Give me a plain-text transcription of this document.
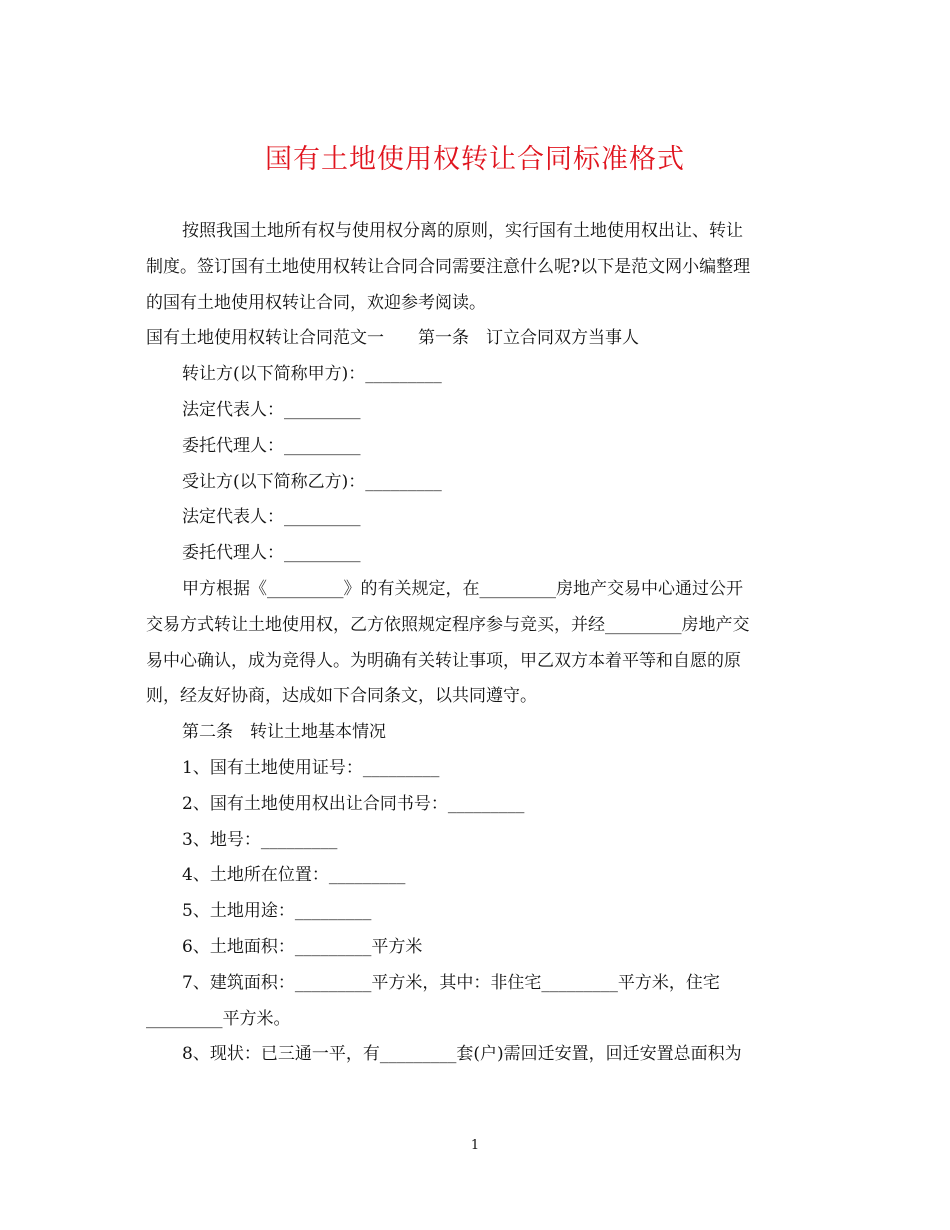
国有土地使用权转让合同标准格式

按照我国土地所有权与使用权分离的原则，实行国有土地使用权出让、转让

制度。签订国有土地使用权转让合同合同需要注意什么呢?以下是范文网小编整理

的国有土地使用权转让合同，欢迎参考阅读。

国有土地使用权转让合同范文一　　第一条　订立合同双方当事人

转让方(以下简称甲方)：_________

法定代表人：_________

委托代理人：_________

受让方(以下简称乙方)：_________

法定代表人：_________

委托代理人：_________

甲方根据《_________》的有关规定，在_________房地产交易中心通过公开

交易方式转让土地使用权，乙方依照规定程序参与竞买，并经_________房地产交

易中心确认，成为竞得人。为明确有关转让事项，甲乙双方本着平等和自愿的原

则，经友好协商，达成如下合同条文，以共同遵守。

第二条　转让土地基本情况

1、国有土地使用证号：_________

2、国有土地使用权出让合同书号：_________

3、地号：_________

4、土地所在位置：_________

5、土地用途：_________

6、土地面积：_________平方米

7、建筑面积：_________平方米，其中：非住宅_________平方米，住宅

_________平方米。

8、现状：已三通一平，有_________套(户)需回迁安置，回迁安置总面积为

1
